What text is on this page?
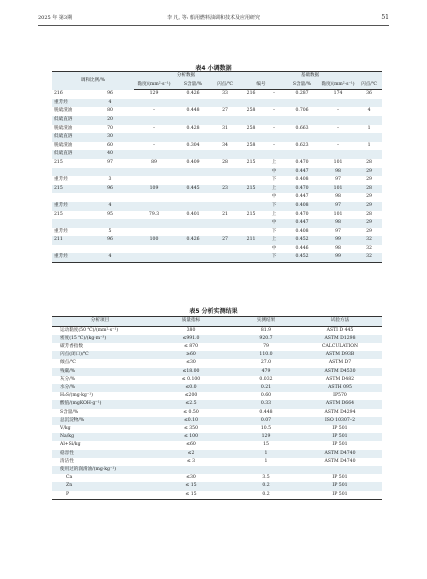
2025 年 第3期	李 凡, 等: 船用燃料油调和技术及应用研究	51
表4 小调数据
调和比例/%		分析数据			基础数据				
		黏度/(mm²·s⁻¹)	S含量/%	闪点/℃	编号		S含量/%	黏度/(mm²·s⁻¹)	闪点/℃
216	96	129	0.426	33	216	–	0.287	174	36
重芳烃	4								
脱硫渣油	80	–	0.448	27	258	–	0.706	–	4
低硫直溶	20								
脱硫渣油	70	–	0.428	31	258	–	0.663	–	1
低硫直溶	30								
脱硫渣油	60	–	0.304	34	258	–	0.623	–	1
低硫直溶	40								
215	97	89	0.409	28	215	上	0.470	101	28
						中	0.447	98	29
重芳烃	3					下	0.408	97	29
215	96	109	0.445	23	215	上	0.470	101	28
						中	0.447	98	29
重芳烃	4					下	0.408	97	29
215	95	79.3	0.401	21	215	上	0.470	101	28
						中	0.447	98	29
重芳烃	5					下	0.408	97	29
211	96	100	0.426	27	211	上	0.452	99	32
						中	0.446	98	32
重芳烃	4					下	0.452	99	32
表5 分析实测结果
分析项目	质量指标	实测结果	试验方法
运动黏度(50 ℃)/(mm²·s⁻¹)	380	81.9	ASTI D 445
密度(15 ℃)/(kg·m⁻³)	≤991.0	920.7	ASTM D1298
碳芳香指数	≤ 870	79	CALCULATION
闪点(闭口)/℃	≥60	110.0	ASTM D93B
倾点/℃	≤30	27.0	ASTM D7
残碳/%	≤18.00	479	ASTM D4530
灰分/%	≤ 0.100	0.032	ASTM D482
水分/%	≤0.0	0.21	ASTH 095
H₂S/(mg·kg⁻¹)	≤200	0.60	IP570
酸值/(mgKOH·g⁻¹)	≤2.5	0.33	ASTM D664
S含量/%	≤ 0.50	0.448	ASTM D4294
总沉淀物/%	≤0.10	0.07	ISO 10307–2
V/kg	≤ 350	10.5	IP 501
Na/kg	≤ 100	129	IP 501
Al+Si/kg	≤60	15	IP 501
稳容性	≤2	1	ASTM D4740
清洁性	≤ 3	1	ASTM D4740
使用过的润滑油/(mg·kg⁻¹)			
Ca	≤30	3.5	IP 501
Zn	≤ 15	0.2	IP 501
P	≤ 15	0.2	IP 501
